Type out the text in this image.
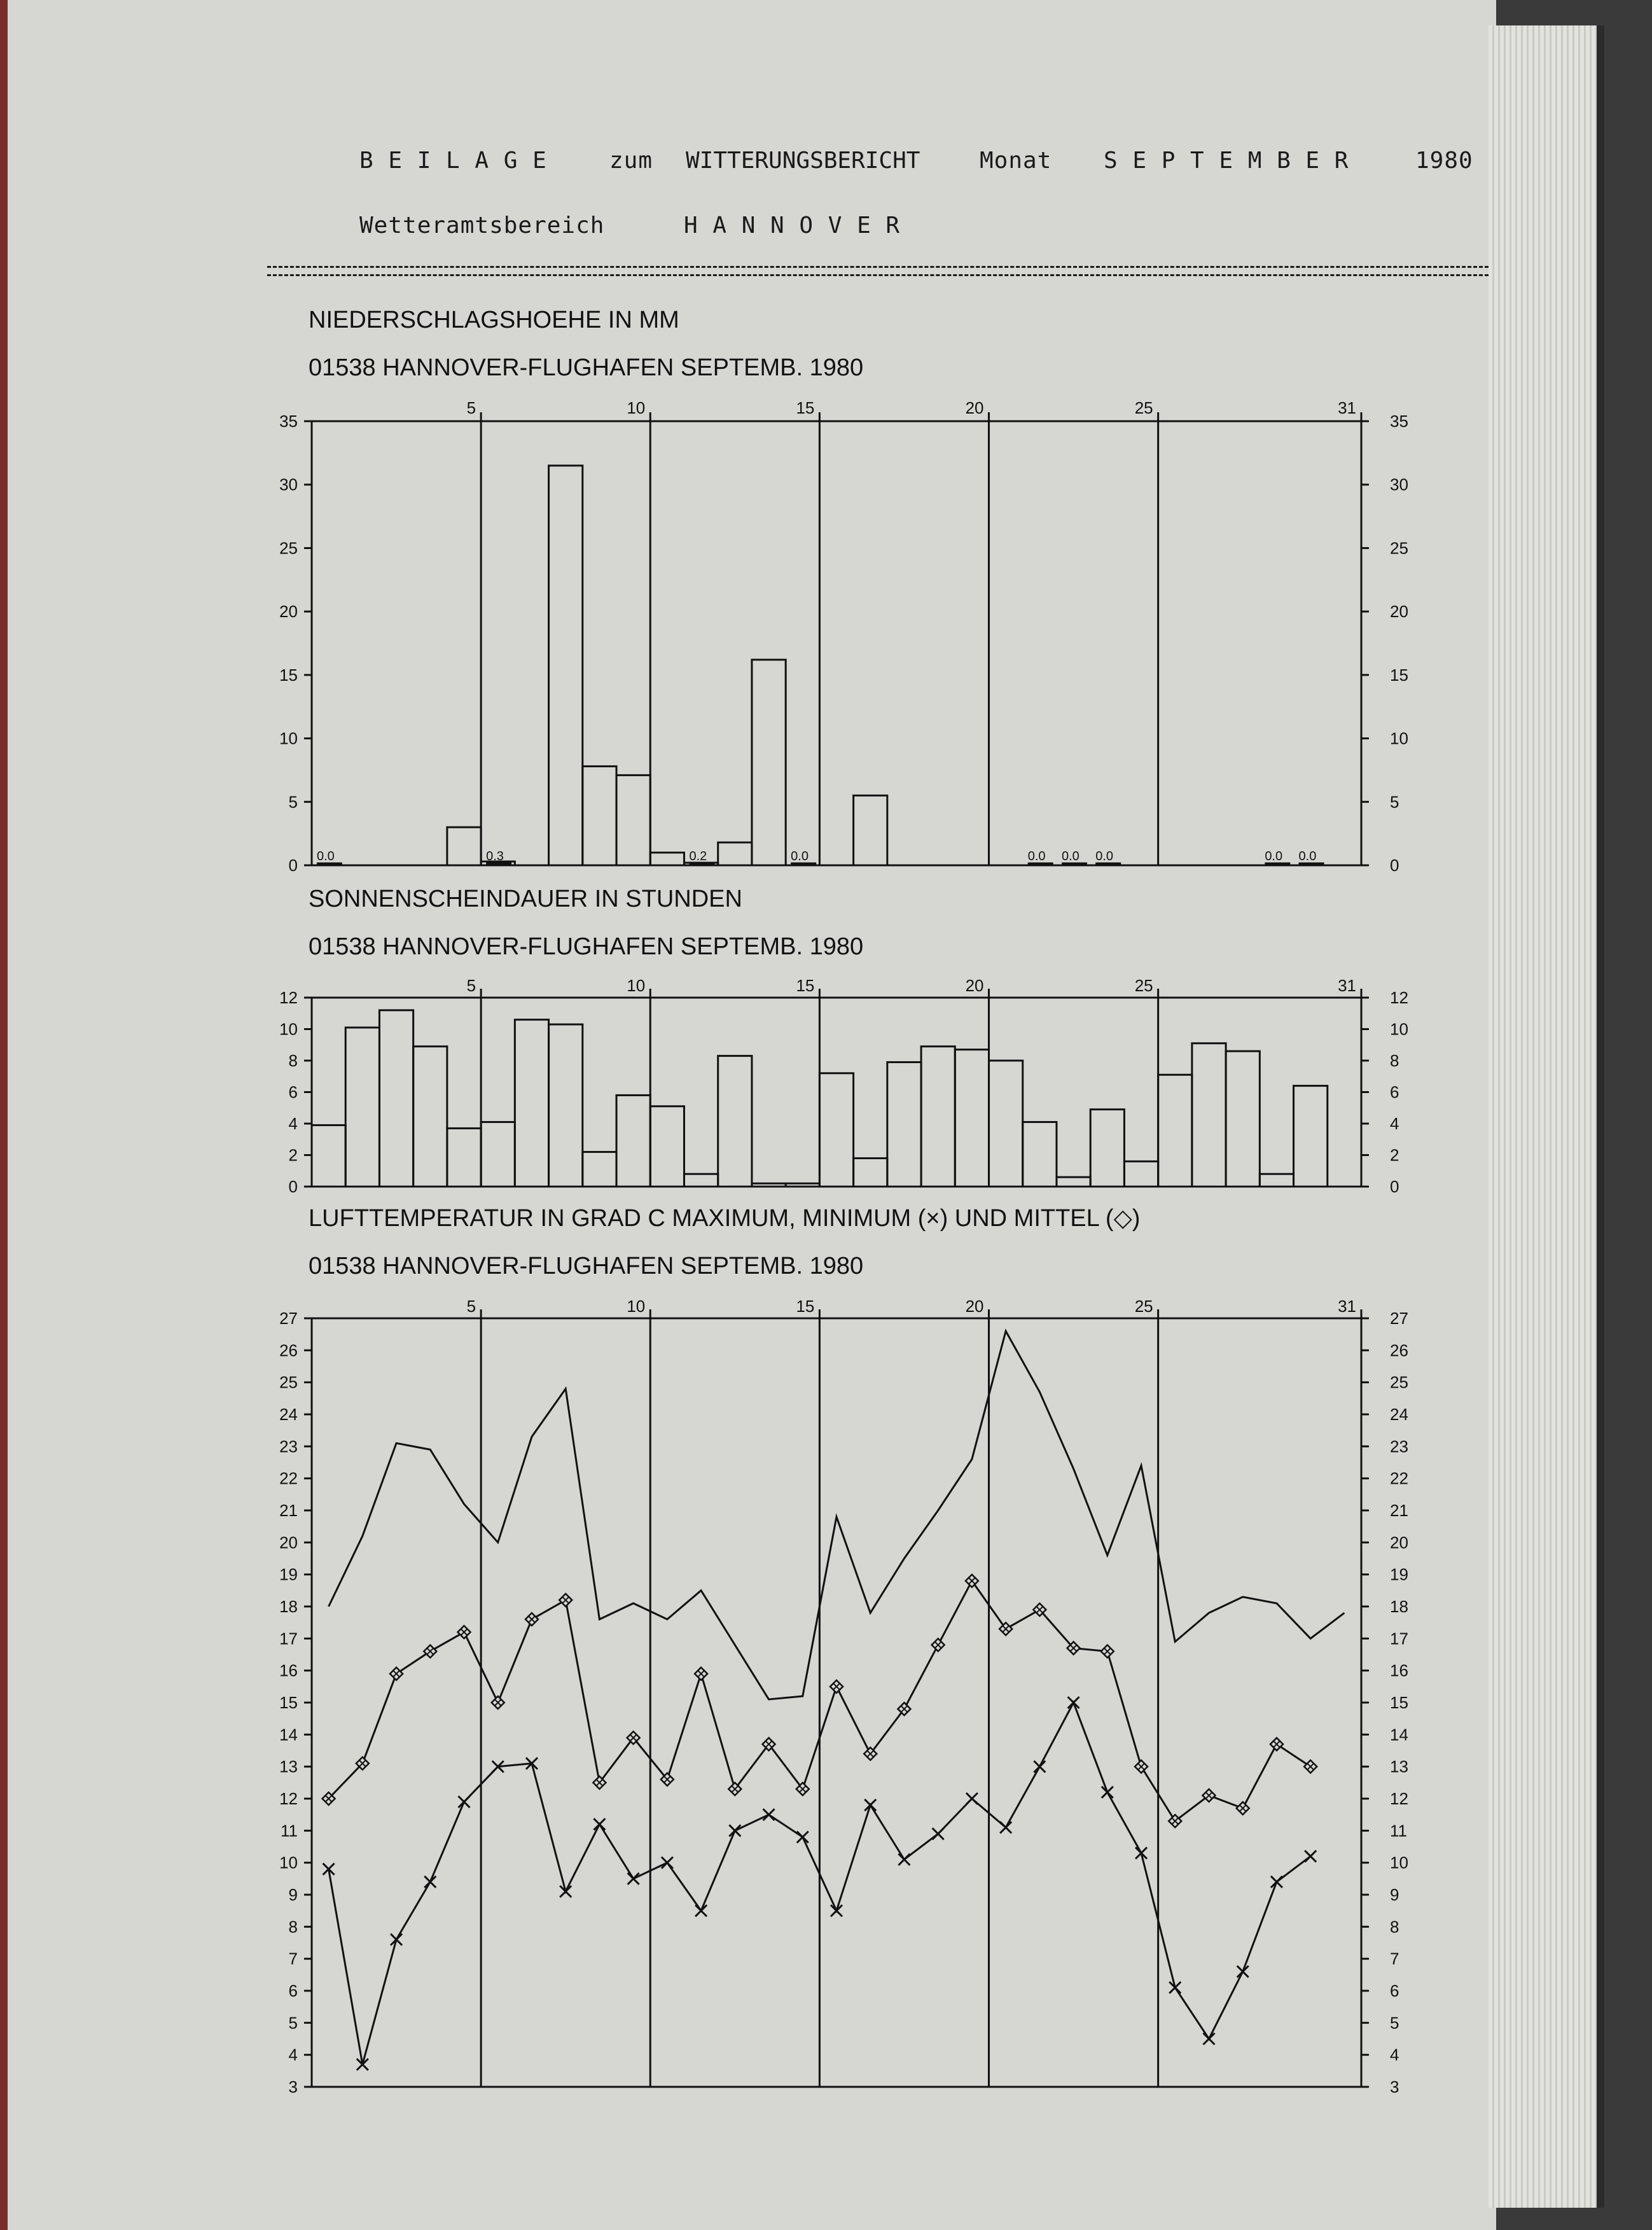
B E I L A G E	zum WITTERUNGSBERICHT	Monat S E P T E M B E R	1980
Wetteramtsbereich	H A N N O V E R
NIEDERSCHLAGSHOEHE IN MM
01538 HANNOVER-FLUGHAFEN SEPTEMB. 1980
5	10	15	20	25	31
0	0
5	5
10	10
15	15
20	20
25	25
30	30
35	35
0.0	0.3	0.2	0.0	0.0 0.0 0.0	0.0 0.0
SONNENSCHEINDAUER IN STUNDEN
01538 HANNOVER-FLUGHAFEN SEPTEMB. 1980
5	10	15	20	25	31
0	0
2	2
4	4
6	6
8	8
10	10
12	12
LUFTTEMPERATUR IN GRAD C MAXIMUM, MINIMUM (×) UND MITTEL (◇)
01538 HANNOVER-FLUGHAFEN SEPTEMB. 1980
5	10	15	20	25	31
3	3
4	4
5	5
6	6
7	7
8	8
9	9
10	10
11	11
12	12
13	13
14	14
15	15
16	16
17	17
18	18
19	19
20	20
21	21
22	22
23	23
24	24
25	25
26	26
27	27
